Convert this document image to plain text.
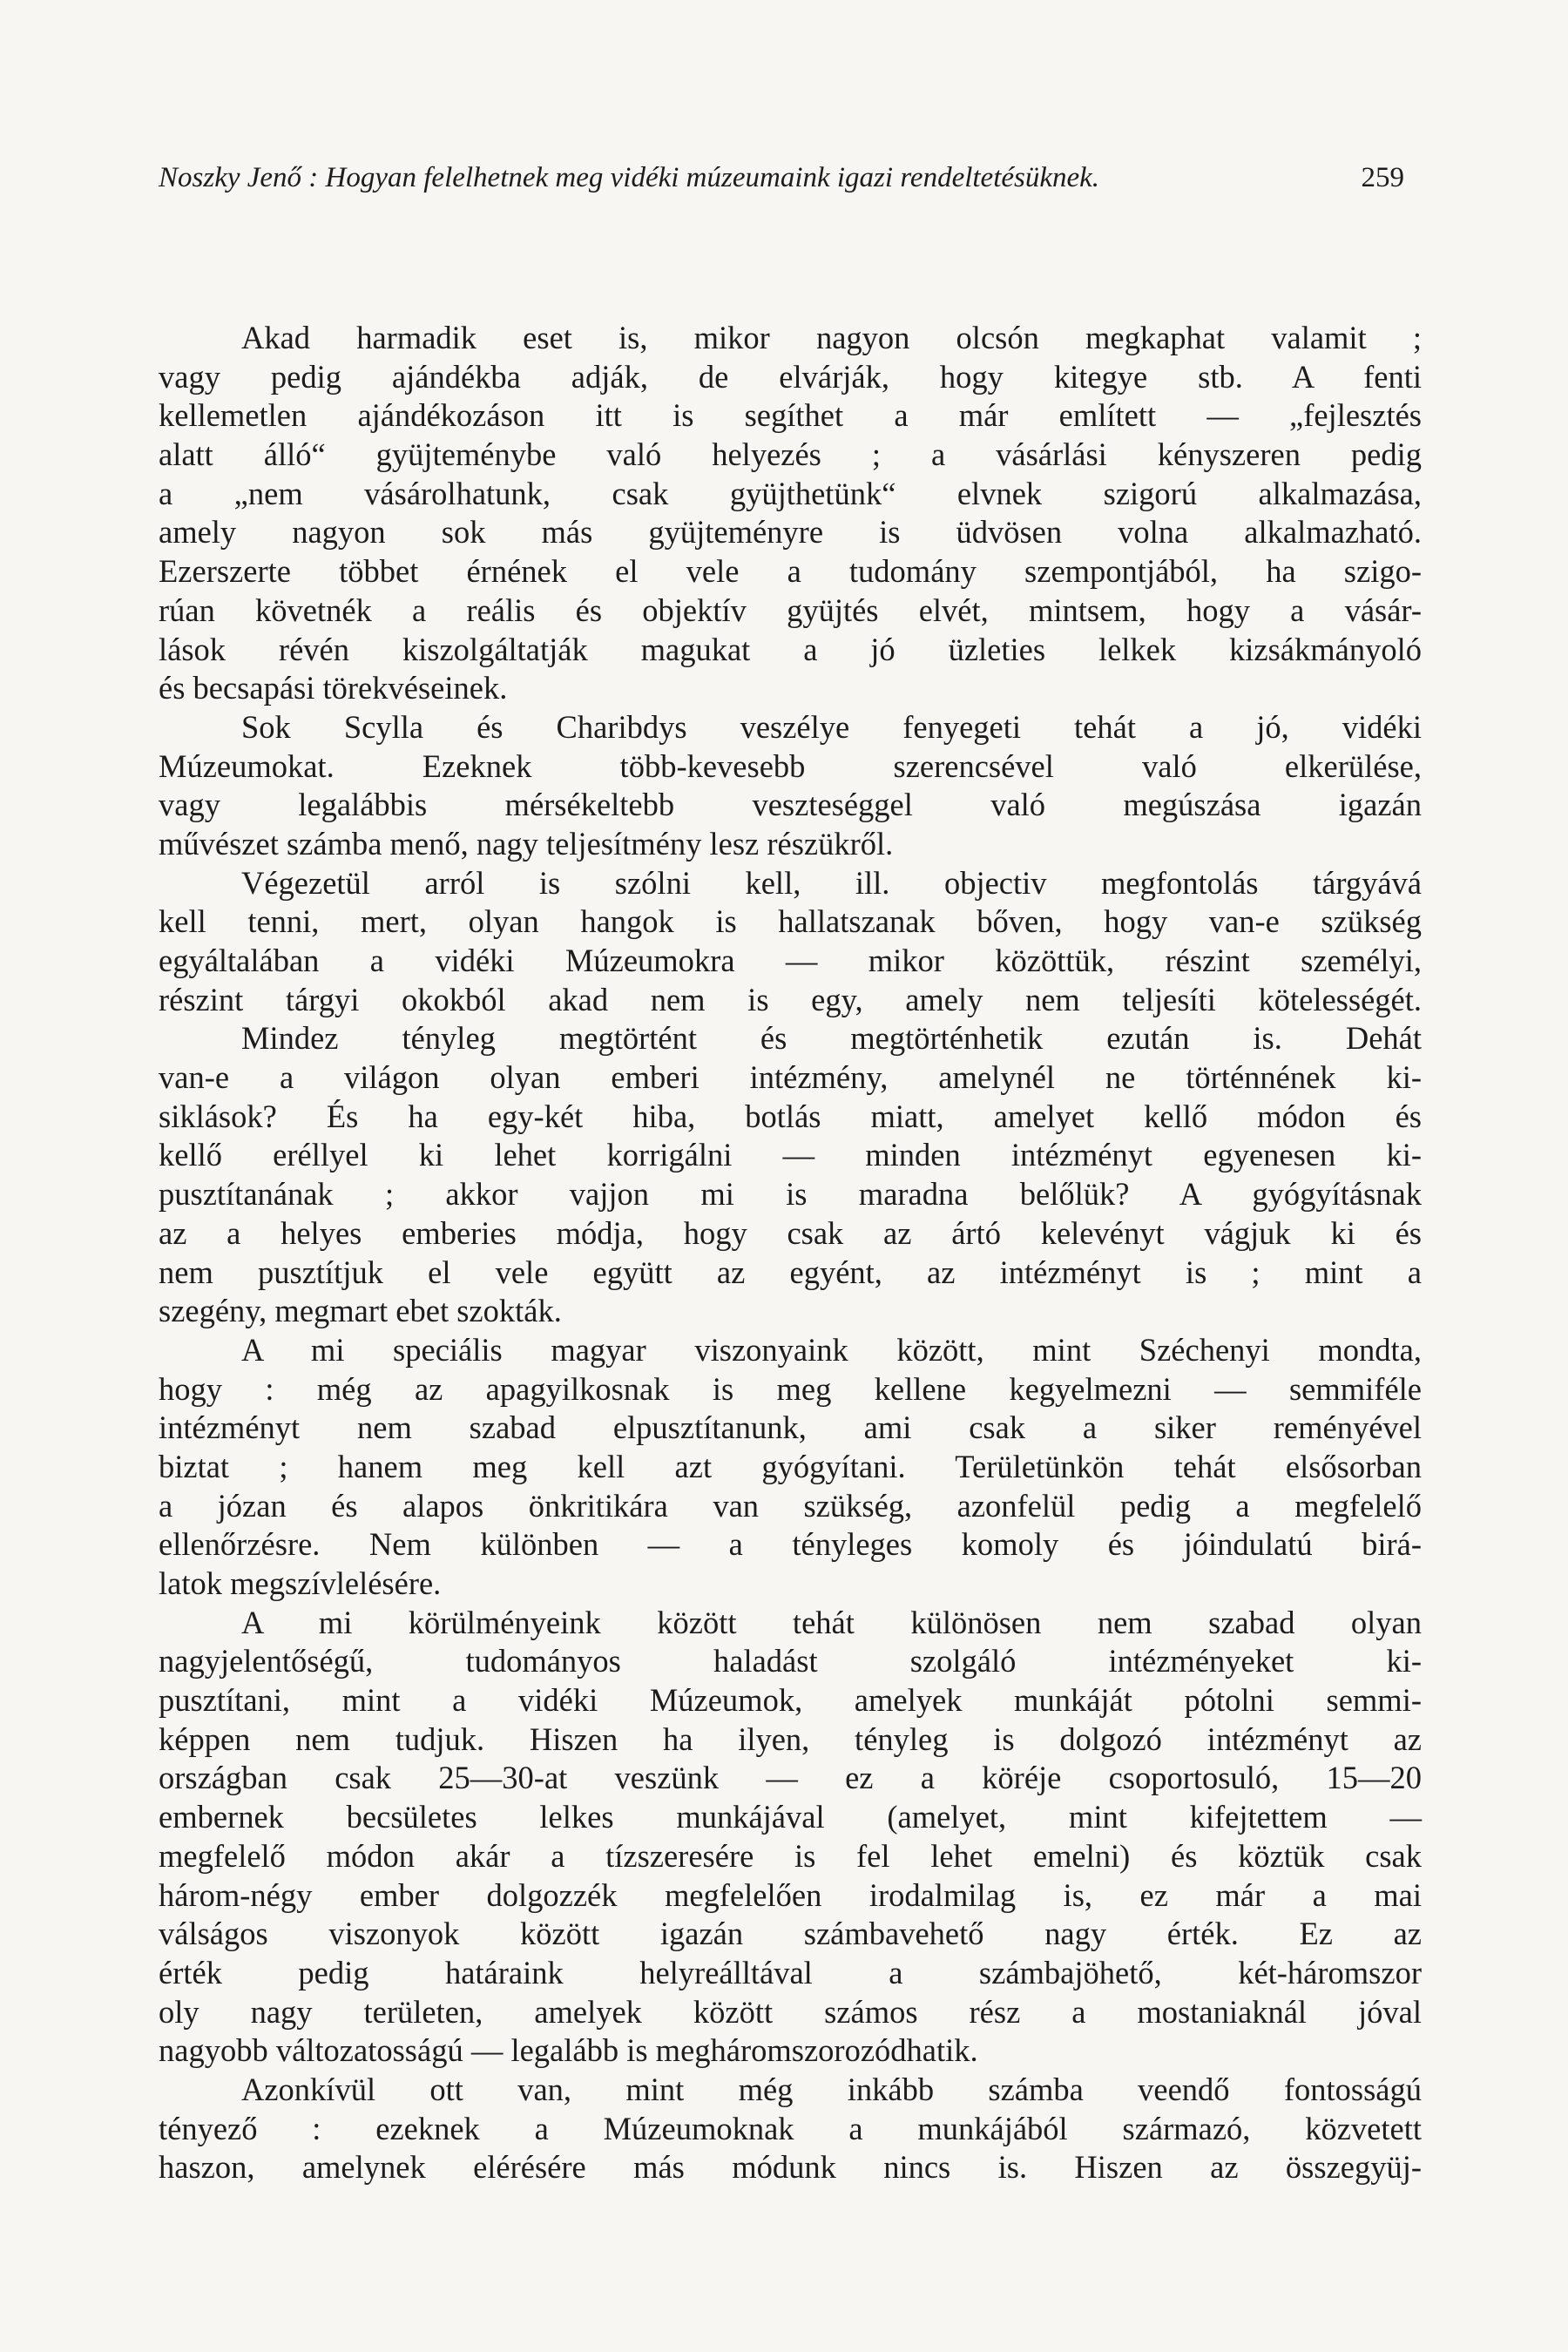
Noszky Jenő : Hogyan felelhetnek meg vidéki múzeumaink igazi rendeltetésüknek.	259
Akad harmadik eset is, mikor nagyon olcsón megkaphat valamit ;
vagy pedig ajándékba adják, de elvárják, hogy kitegye stb. A fenti
kellemetlen ajándékozáson itt is segíthet a már említett — „fejlesztés
alatt álló“ gyüjteménybe való helyezés ; a vásárlási kényszeren pedig
a „nem vásárolhatunk, csak gyüjthetünk“ elvnek szigorú alkalmazása,
amely nagyon sok más gyüjteményre is üdvösen volna alkalmazható.
Ezerszerte többet érnének el vele a tudomány szempontjából, ha szigo-
rúan követnék a reális és objektív gyüjtés elvét, mintsem, hogy a vásár-
lások révén kiszolgáltatják magukat a jó üzleties lelkek kizsákmányoló
és becsapási törekvéseinek.
Sok Scylla és Charibdys veszélye fenyegeti tehát a jó, vidéki
Múzeumokat. Ezeknek több-kevesebb szerencsével való elkerülése,
vagy legalábbis mérsékeltebb veszteséggel való megúszása igazán
művészet számba menő, nagy teljesítmény lesz részükről.
Végezetül arról is szólni kell, ill. objectiv megfontolás tárgyává
kell tenni, mert, olyan hangok is hallatszanak bőven, hogy van-e szükség
egyáltalában a vidéki Múzeumokra — mikor közöttük, részint személyi,
részint tárgyi okokból akad nem is egy, amely nem teljesíti kötelességét.
Mindez tényleg megtörtént és megtörténhetik ezután is. Dehát
van-e a világon olyan emberi intézmény, amelynél ne történnének ki-
siklások? És ha egy-két hiba, botlás miatt, amelyet kellő módon és
kellő eréllyel ki lehet korrigálni — minden intézményt egyenesen ki-
pusztítanának ; akkor vajjon mi is maradna belőlük? A gyógyításnak
az a helyes emberies módja, hogy csak az ártó kelevényt vágjuk ki és
nem pusztítjuk el vele együtt az egyént, az intézményt is ; mint a
szegény, megmart ebet szokták.
A mi speciális magyar viszonyaink között, mint Széchenyi mondta,
hogy : még az apagyilkosnak is meg kellene kegyelmezni — semmiféle
intézményt nem szabad elpusztítanunk, ami csak a siker reményével
biztat ; hanem meg kell azt gyógyítani. Területünkön tehát elsősorban
a józan és alapos önkritikára van szükség, azonfelül pedig a megfelelő
ellenőrzésre. Nem különben — a tényleges komoly és jóindulatú birá-
latok megszívlelésére.
A mi körülményeink között tehát különösen nem szabad olyan
nagyjelentőségű, tudományos haladást szolgáló intézményeket ki-
pusztítani, mint a vidéki Múzeumok, amelyek munkáját pótolni semmi-
képpen nem tudjuk. Hiszen ha ilyen, tényleg is dolgozó intézményt az
országban csak 25—30-at veszünk — ez a köréje csoportosuló, 15—20
embernek becsületes lelkes munkájával (amelyet, mint kifejtettem —
megfelelő módon akár a tízszeresére is fel lehet emelni) és köztük csak
három-négy ember dolgozzék megfelelően irodalmilag is, ez már a mai
válságos viszonyok között igazán számbavehető nagy érték. Ez az
érték pedig határaink helyreálltával a számbajöhető, két-háromszor
oly nagy területen, amelyek között számos rész a mostaniaknál jóval
nagyobb változatosságú — legalább is megháromszorozódhatik.
Azonkívül ott van, mint még inkább számba veendő fontosságú
tényező : ezeknek a Múzeumoknak a munkájából származó, közvetett
haszon, amelynek elérésére más módunk nincs is. Hiszen az összegyüj-
